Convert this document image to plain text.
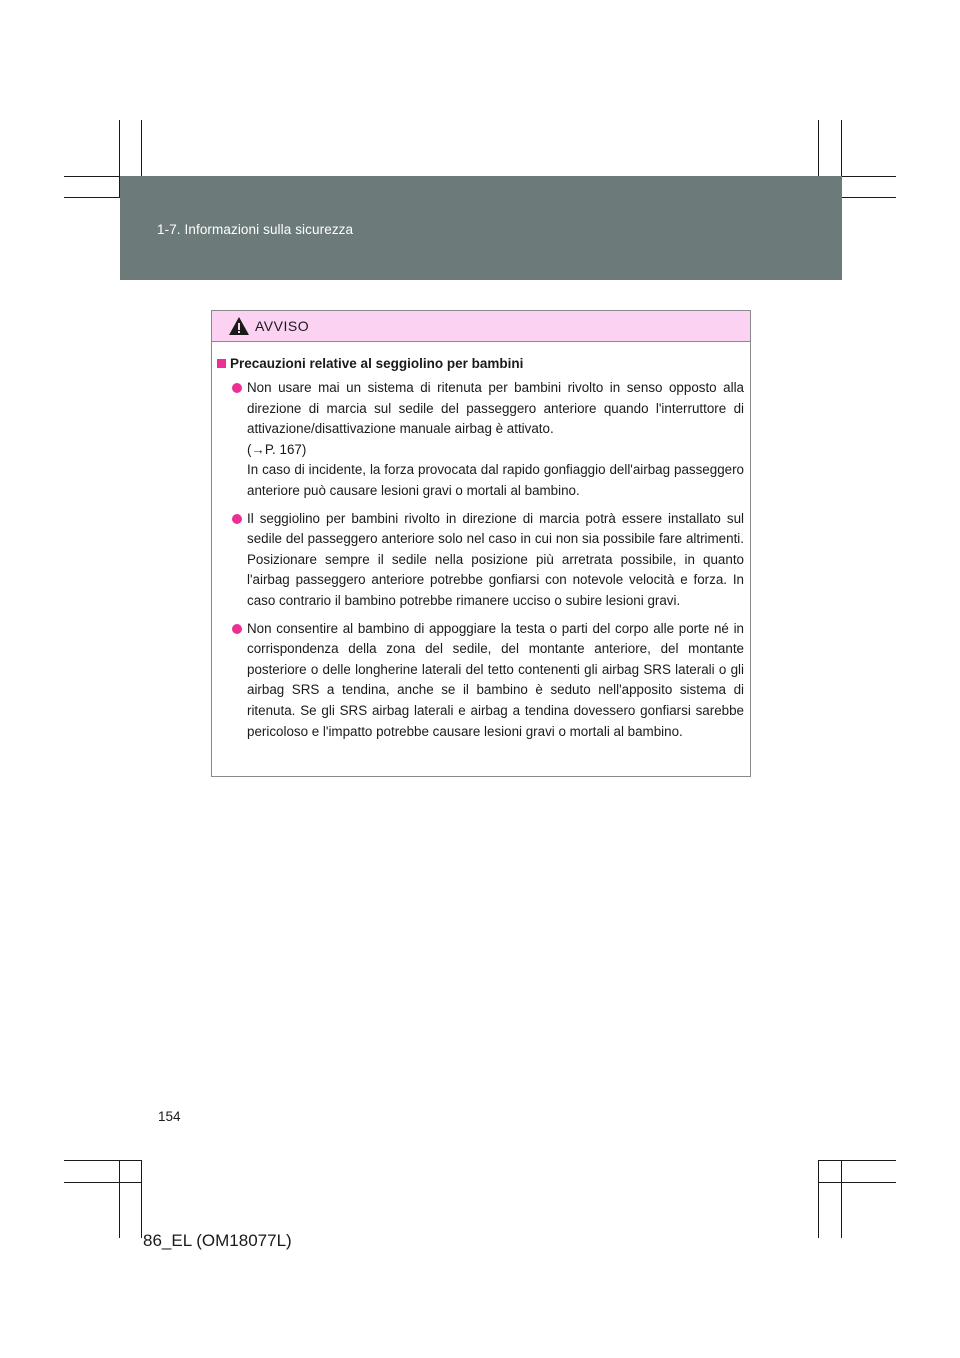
1-7. Informazioni sulla sicurezza
AVVISO
Precauzioni relative al seggiolino per bambini

Non usare mai un sistema di ritenuta per bambini rivolto in senso opposto alla direzione di marcia sul sedile del passeggero anteriore quando l'interruttore di attivazione/disattivazione manuale airbag è attivato.

(→P. 167)

In caso di incidente, la forza provocata dal rapido gonfiaggio dell'airbag passeggero anteriore può causare lesioni gravi o mortali al bambino.

Il seggiolino per bambini rivolto in direzione di marcia potrà essere installato sul sedile del passeggero anteriore solo nel caso in cui non sia possibile fare altrimenti. Posizionare sempre il sedile nella posizione più arretrata possibile, in quanto l'airbag passeggero anteriore potrebbe gonfiarsi con notevole velocità e forza. In caso contrario il bambino potrebbe rimanere ucciso o subire lesioni gravi.

Non consentire al bambino di appoggiare la testa o parti del corpo alle porte né in corrispondenza della zona del sedile, del montante anteriore, del montante posteriore o delle longherine laterali del tetto contenenti gli airbag SRS laterali o gli airbag SRS a tendina, anche se il bambino è seduto nell'apposito sistema di ritenuta. Se gli SRS airbag laterali e airbag a tendina dovessero gonfiarsi sarebbe pericoloso e l'impatto potrebbe causare lesioni gravi o mortali al bambino.

154
86_EL (OM18077L)
